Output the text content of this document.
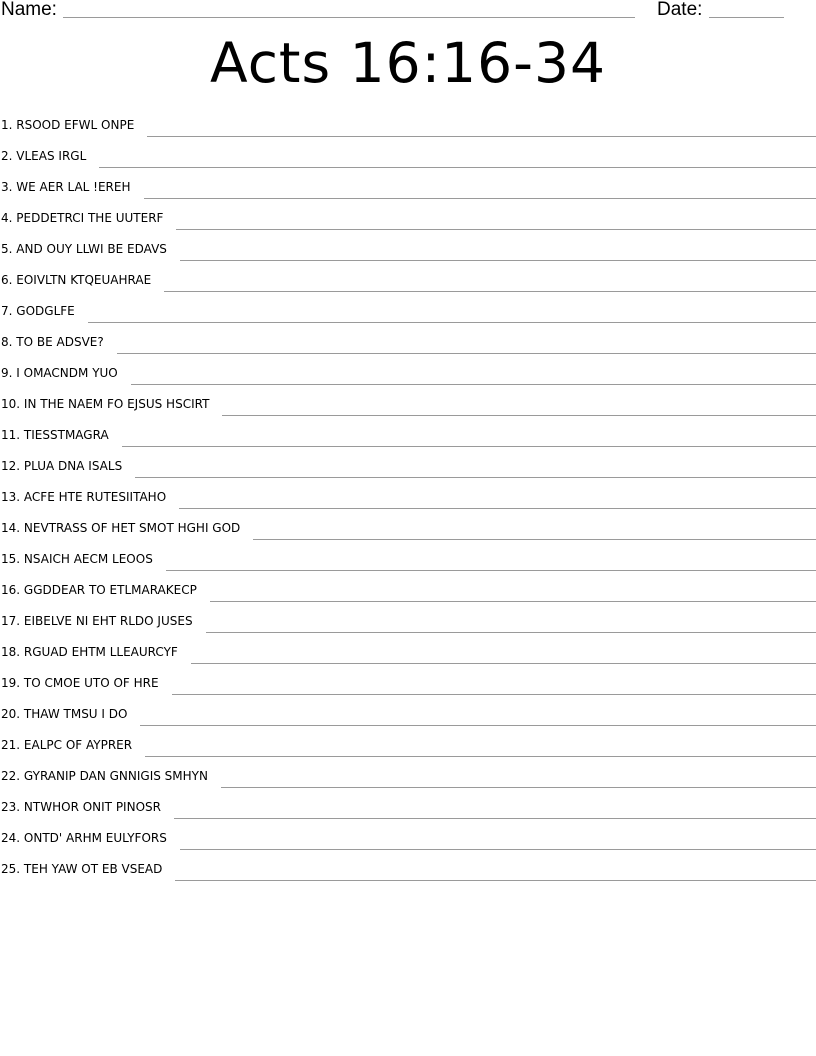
Name:	Date:
Acts 16:16-34
1. RSOOD EFWL ONPE
2. VLEAS IRGL
3. WE AER LAL !EREH
4. PEDDETRCI THE UUTERF
5. AND OUY LLWI BE EDAVS
6. EOIVLTN KTQEUAHRAE
7. GODGLFE
8. TO BE ADSVE?
9. I OMACNDM YUO
10. IN THE NAEM FO EJSUS HSCIRT
11. TIESSTMAGRA
12. PLUA DNA ISALS
13. ACFE HTE RUTESIITAHO
14. NEVTRASS OF HET SMOT HGHI GOD
15. NSAICH AECM LEOOS
16. GGDDEAR TO ETLMARAKECP
17. EIBELVE NI EHT RLDO JUSES
18. RGUAD EHTM LLEAURCYF
19. TO CMOE UTO OF HRE
20. THAW TMSU I DO
21. EALPC OF AYPRER
22. GYRANIP DAN GNNIGIS SMHYN
23. NTWHOR ONIT PINOSR
24. ONTD' ARHM EULYFORS
25. TEH YAW OT EB VSEAD
